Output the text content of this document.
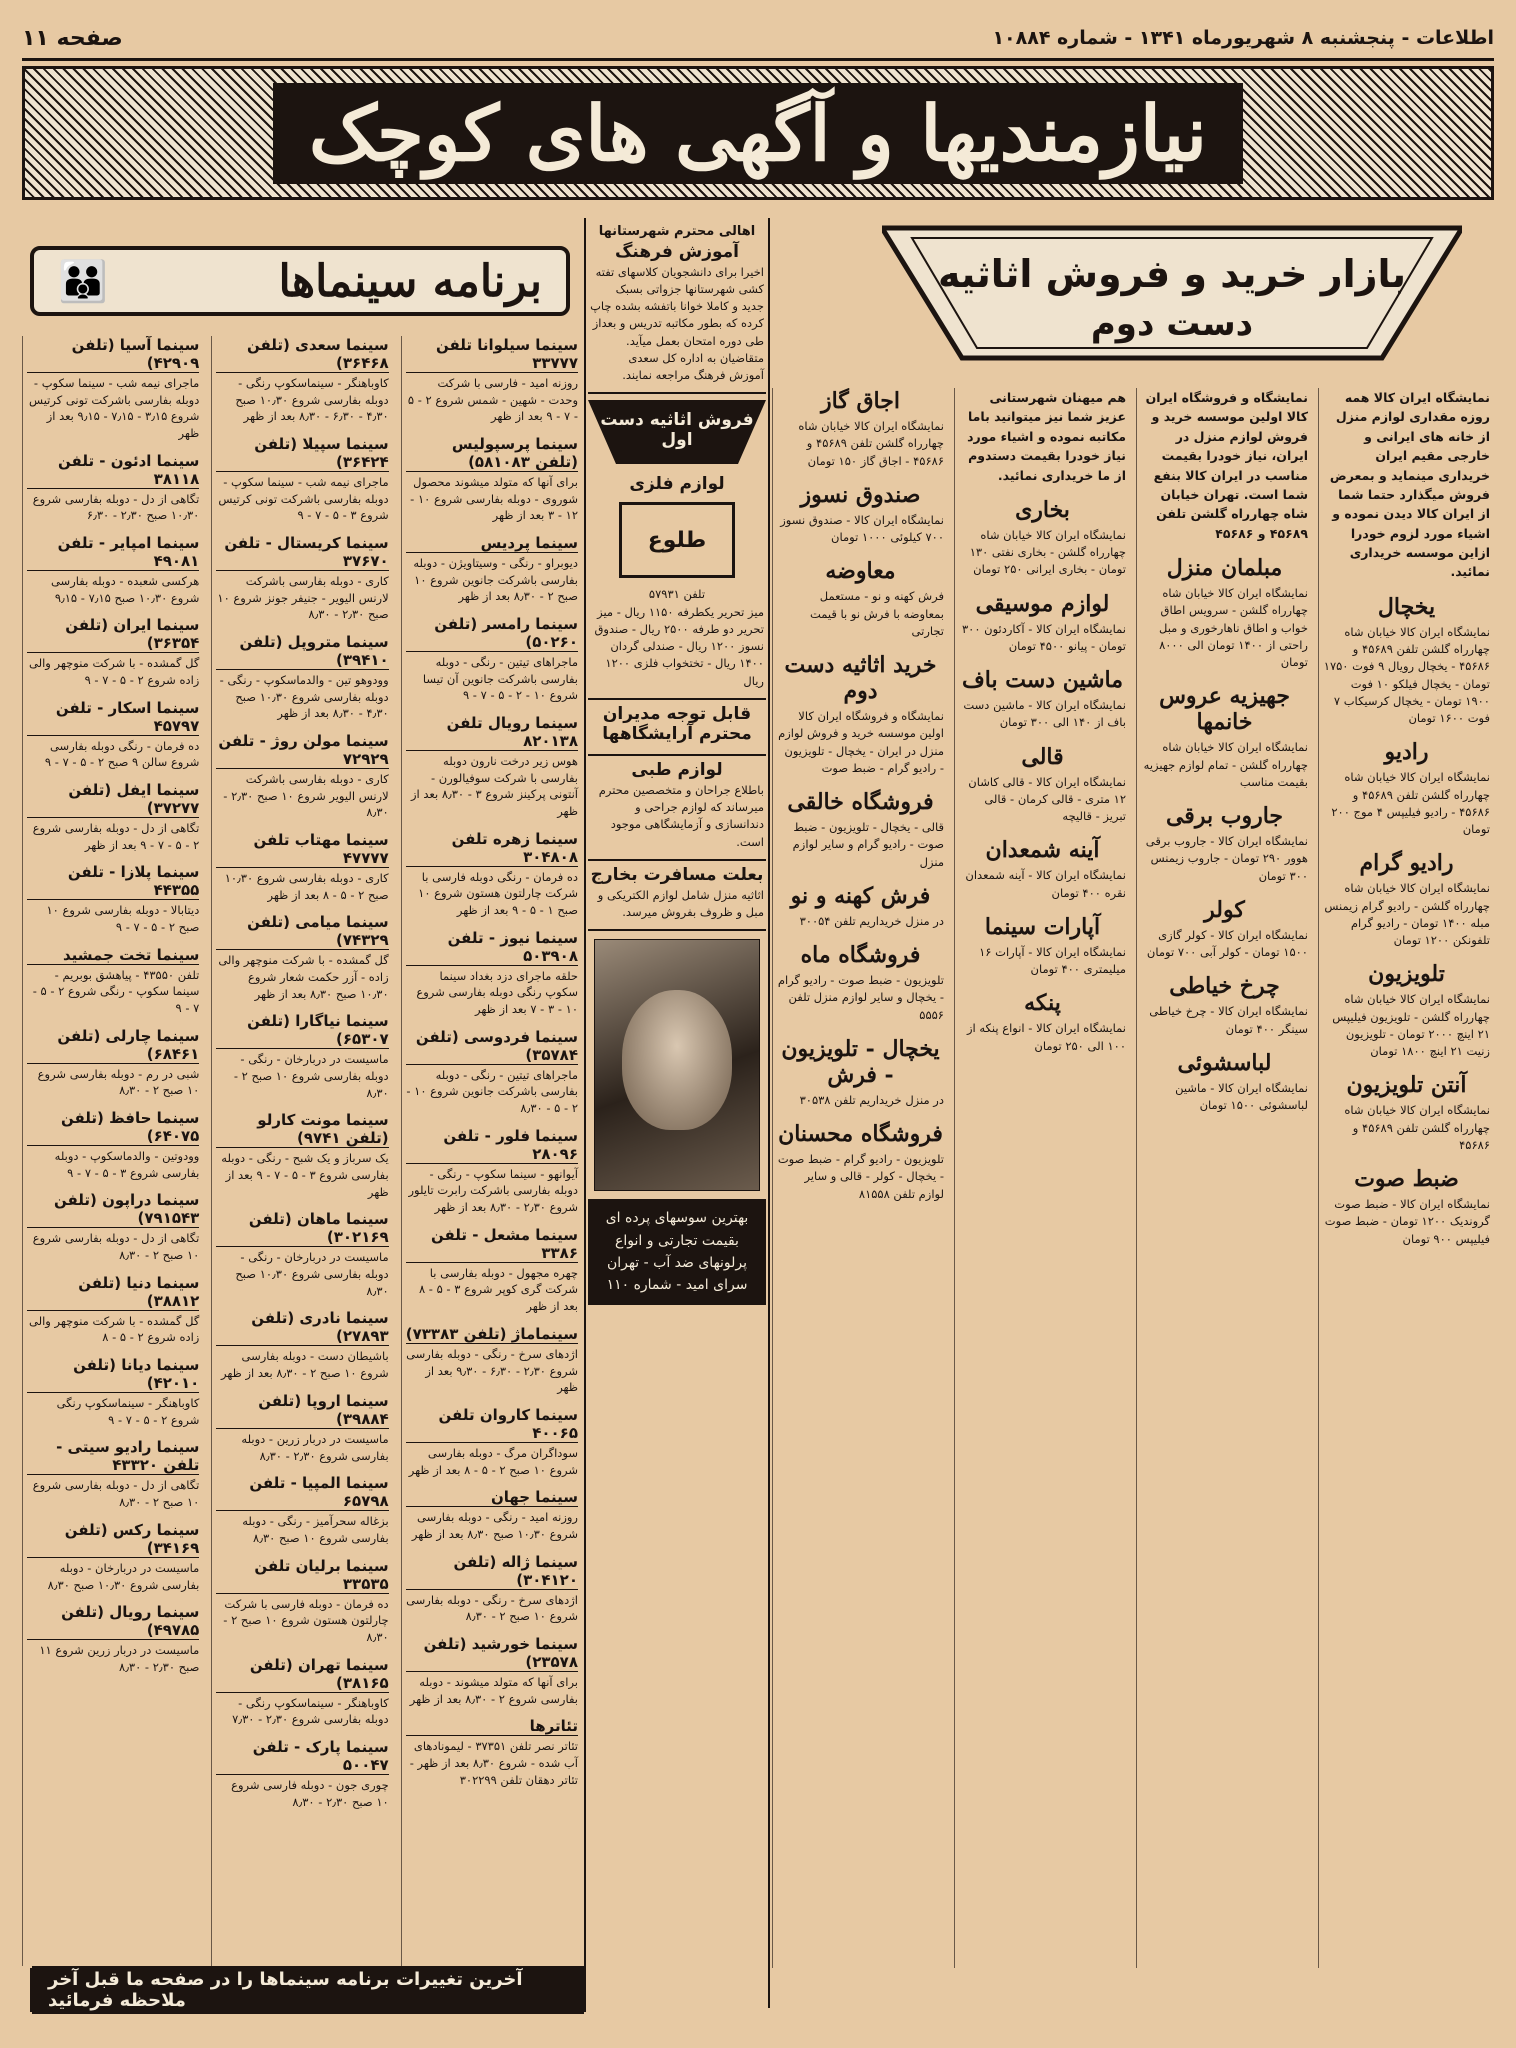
صفحه ۱۱	اطلاعات - پنجشنبه ۸ شهریورماه ۱۳۴۱ - شماره ۱۰۸۸۴
نیازمندیها و آگهی های کوچک
بازار خرید و فروش اثاثیه
دست دوم
👪	برنامه سینماها
سینما سیلوانا تلفن ۳۳۷۷۷

روزنه امید - فارسی با شرکت وحدت - شهین - شمس شروع ۲ - ۵ - ۷ - ۹ بعد از ظهر

سینما پرسپولیس (تلفن ۵۸۱۰۸۳)

برای آنها که متولد میشوند محصول شوروی - دوبله بفارسی شروع ۱۰ - ۱۲ - ۳ بعد از ظهر

سینما پردیس

دیوبراو - رنگی - وسیتاویژن - دوبله بفارسی باشرکت جانوین شروع ۱۰ صبح ۲ - ۸٫۳۰ بعد از ظهر

سینما رامسر (تلفن ۵۰۲۶۰)

ماجراهای تیتین - رنگی - دوبله بفارسی باشرکت جانوین آن تیسا شروع ۱۰ - ۲ - ۵ - ۷ - ۹

سینما رویال تلفن ۸۲۰۱۳۸

هوس زیر درخت نارون دوبله بفارسی با شرکت سوفیالورن - آنتونی پرکینز شروع ۳ - ۸٫۳۰ بعد از ظهر

سینما زهره تلفن ۳۰۴۸۰۸

ده فرمان - رنگی دوبله فارسی با شرکت چارلتون هستون شروع ۱۰ صبح ۱ - ۵ - ۹ بعد از ظهر

سینما نیوز - تلفن ۵۰۳۹۰۸

حلقه ماجرای دزد بغداد سینما سکوپ رنگی دوبله بفارسی شروع ۱۰ - ۳ - ۷ بعد از ظهر

سینما فردوسی (تلفن ۳۵۷۸۴)

ماجراهای تیتین - رنگی - دوبله بفارسی باشرکت جانوین شروع ۱۰ - ۲ - ۵ - ۸٫۳۰

سینما فلور - تلفن ۲۸۰۹۶

آیوانهو - سینما سکوپ - رنگی - دوبله بفارسی باشرکت رابرت تایلور شروع ۲٫۳۰ - ۸٫۳۰ بعد از ظهر

سینما مشعل - تلفن ۳۳۸۶

چهره مجهول - دوبله بفارسی با شرکت گری کوپر شروع ۳ - ۵ - ۸ بعد از ظهر

سینماماژ (تلفن ۷۳۳۸۳)

اژدهای سرخ - رنگی - دوبله بفارسی شروع ۲٫۳۰ - ۶٫۳۰ - ۹٫۳۰ بعد از ظهر

سینما کاروان تلفن ۴۰۰۶۵

سوداگران مرگ - دوبله بفارسی شروع ۱۰ صبح ۲ - ۵ - ۸ بعد از ظهر

سینما جهان

روزنه امید - رنگی - دوبله بفارسی شروع ۱۰٫۳۰ صبح ۸٫۳۰ بعد از ظهر

سینما ژاله (تلفن ۳۰۴۱۲۰)

اژدهای سرخ - رنگی - دوبله بفارسی شروع ۱۰ صبح ۲ - ۸٫۳۰

سینما خورشید (تلفن ۲۳۵۷۸)

برای آنها که متولد میشوند - دوبله بفارسی شروع ۲ - ۸٫۳۰ بعد از ظهر

تئاترها

تئاتر نصر تلفن ۳۷۳۵۱ - لیمونادهای آب شده - شروع ۸٫۳۰ بعد از ظهر - تئاتر دهقان تلفن ۳۰۲۲۹۹

سینما سعدی (تلفن ۳۶۴۶۸)

کاوباهنگر - سینماسکوپ رنگی - دوبله بفارسی شروع ۱۰٫۳۰ صبح ۴٫۳۰ - ۶٫۳۰ - ۸٫۳۰ بعد از ظهر

سینما سپیلا (تلفن ۳۶۴۲۴)

ماجرای نیمه شب - سینما سکوپ - دوبله بفارسی باشرکت تونی کرتیس شروع ۳ - ۵ - ۷ - ۹

سینما کریستال - تلفن ۳۷۶۷۰

کاری - دوبله بفارسی باشرکت لارنس الیویر - جنیفر جونز شروع ۱۰ صبح ۲٫۳۰ - ۸٫۳۰

سینما متروپل (تلفن ۳۹۴۱۰)

وودوهو تین - والدماسکوپ - رنگی - دوبله بفارسی شروع ۱۰٫۳۰ صبح ۴٫۳۰ - ۸٫۳۰ بعد از ظهر

سینما مولن روژ - تلفن ۷۲۹۲۹

کاری - دوبله بفارسی باشرکت لارنس الیویر شروع ۱۰ صبح ۲٫۳۰ - ۸٫۳۰

سینما مهتاب تلفن ۴۷۷۷۷

کاری - دوبله بفارسی شروع ۱۰٫۳۰ صبح ۲ - ۵ - ۸ بعد از ظهر

سینما میامی (تلفن ۷۴۳۲۹)

گل گمشده - با شرکت منوچهر والی زاده - آزر حکمت شعار شروع ۱۰٫۳۰ صبح ۸٫۳۰ بعد از ظهر

سینما نیاگارا (تلفن ۶۵۳۰۷)

ماسیست در دربارخان - رنگی - دوبله بفارسی شروع ۱۰ صبح ۲ - ۸٫۳۰

سینما مونت کارلو (تلفن ۹۷۴۱)

یک سرباز و یک شبح - رنگی - دوبله بفارسی شروع ۳ - ۵ - ۷ - ۹ بعد از ظهر

سینما ماهان (تلفن ۳۰۲۱۶۹)

ماسیست در دربارخان - رنگی - دوبله بفارسی شروع ۱۰٫۳۰ صبح ۸٫۳۰

سینما نادری (تلفن ۲۷۸۹۳)

باشیطان دست - دوبله بفارسی شروع ۱۰ صبح ۲ - ۸٫۳۰ بعد از ظهر

سینما اروپا (تلفن ۳۹۸۸۴)

ماسیست در دربار زرین - دوبله بفارسی شروع ۲٫۳۰ - ۸٫۳۰

سینما المپیا - تلفن ۶۵۷۹۸

بزغاله سحرآمیز - رنگی - دوبله بفارسی شروع ۱۰ صبح ۸٫۳۰

سینما برلیان تلفن ۳۳۵۳۵

ده فرمان - دوبله فارسی با شرکت چارلتون هستون شروع ۱۰ صبح ۲ - ۸٫۳۰

سینما تهران (تلفن ۳۸۱۶۵)

کاوباهنگر - سینماسکوپ رنگی - دوبله بفارسی شروع ۲٫۳۰ - ۷٫۳۰

سینما پارک - تلفن ۵۰۰۴۷

چوری جون - دوبله فارسی شروع ۱۰ صبح ۲٫۳۰ - ۸٫۳۰

سینما آسیا (تلفن ۴۲۹۰۹)

ماجرای نیمه شب - سینما سکوپ - دوبله بفارسی باشرکت تونی کرتیس شروع ۳٫۱۵ - ۷٫۱۵ - ۹٫۱۵ بعد از ظهر

سینما ادئون - تلفن ۳۸۱۱۸

تگاهی از دل - دوبله بفارسی شروع ۱۰٫۳۰ صبح ۲٫۳۰ - ۶٫۳۰

سینما امپایر - تلفن ۴۹۰۸۱

هرکسی شعبده - دوبله بفارسی شروع ۱۰٫۳۰ صبح ۷٫۱۵ - ۹٫۱۵

سینما ایران (تلفن ۳۶۳۵۴)

گل گمشده - با شرکت منوچهر والی زاده شروع ۲ - ۵ - ۷ - ۹

سینما اسکار - تلفن ۴۵۷۹۷

ده فرمان - رنگی دوبله بفارسی شروع سالن ۹ صبح ۲ - ۵ - ۷ - ۹

سینما ایفل (تلفن ۳۷۲۷۷)

تگاهی از دل - دوبله بفارسی شروع ۲ - ۵ - ۷ - ۹ بعد از ظهر

سینما پلازا - تلفن ۴۴۳۵۵

دیتابالا - دوبله بفارسی شروع ۱۰ صبح ۲ - ۵ - ۷ - ۹

سینما تخت جمشید

تلفن ۴۳۵۵۰ - پیاهشق بوبریم - سینما سکوپ - رنگی شروع ۲ - ۵ - ۷ - ۹

سینما چارلی (تلفن ۶۸۴۶۱)

شبی در رم - دوبله بفارسی شروع ۱۰ صبح ۲ - ۸٫۳۰

سینما حافظ (تلفن ۶۴۰۷۵)

وودوتین - والدماسکوپ - دوبله بفارسی شروع ۳ - ۵ - ۷ - ۹

سینما دراپون (تلفن ۷۹۱۵۴۳)

تگاهی از دل - دوبله بفارسی شروع ۱۰ صبح ۲ - ۸٫۳۰

سینما دنیا (تلفن ۳۸۸۱۲)

گل گمشده - با شرکت منوچهر والی زاده شروع ۲ - ۵ - ۸

سینما دیانا (تلفن ۴۲۰۱۰)

کاوباهنگر - سینماسکوپ رنگی شروع ۲ - ۵ - ۷ - ۹

سینما رادیو سیتی - تلفن ۴۳۳۲۰

تگاهی از دل - دوبله بفارسی شروع ۱۰ صبح ۲ - ۸٫۳۰

سینما رکس (تلفن ۳۴۱۶۹)

ماسیست در دربارخان - دوبله بفارسی شروع ۱۰٫۳۰ صبح ۸٫۳۰

سینما رویال (تلفن ۴۹۷۸۵)

ماسیست در دربار زرین شروع ۱۱ صبح ۲٫۳۰ - ۸٫۳۰

اهالی محترم شهرستانها

آموزش فرهنگ

اخیرا برای دانشجویان کلاسهای تفته کشی شهرستانها جزواتی بسبک جدید و کاملا خوانا باتفشه بشده چاپ کرده که بطور مکاتبه تدریس و بعداز طی دوره امتحان بعمل میآید. متقاضیان به اداره کل سعدی آموزش فرهنگ مراجعه نمایند.

فروش اثاثیه دست اول
لوازم فلزی
طلوع

تلفن ۵۷۹۳۱

میز تحریر یکطرفه ۱۱۵۰ ریال - میز تحریر دو طرفه ۲۵۰۰ ریال - صندوق نسوز ۱۲۰۰ ریال - صندلی گردان ۱۴۰۰ ریال - تختخواب فلزی ۱۲۰۰ ریال

قابل توجه مدیران محترم آرایشگاهها
لوازم طبی

باطلاع جراحان و متخصصین محترم میرساند که لوازم جراحی و دندانسازی و آزمایشگاهی موجود است.

بعلت مسافرت بخارج

اثاثیه منزل شامل لوازم الکتریکی و مبل و ظروف بفروش میرسد.

بهترین سوسهای پرده ای بقیمت تجارتی و انواع پرلونهای ضد آب - تهران سرای امید - شماره ۱۱۰
نمایشگاه ایران کالا همه روزه مقداری لوازم منزل از خانه های ایرانی و خارجی مقیم ایران خریداری مینماید و بمعرض فروش میگذارد حتما شما از ایران کالا دیدن نموده و اشیاء مورد لزوم خودرا ازاین موسسه خریداری نمائید.
یخچال

نمایشگاه ایران کالا خیابان شاه چهارراه گلشن تلفن ۴۵۶۸۹ و ۴۵۶۸۶ - یخچال رویال ۹ فوت ۱۷۵۰ تومان - یخچال فیلکو ۱۰ فوت ۱۹۰۰ تومان - یخچال کرسیکاب ۷ فوت ۱۶۰۰ تومان

رادیو

نمایشگاه ایران کالا خیابان شاه چهارراه گلشن تلفن ۴۵۶۸۹ و ۴۵۶۸۶ - رادیو فیلیپس ۴ موج ۲۰۰ تومان

رادیو گرام

نمایشگاه ایران کالا خیابان شاه چهارراه گلشن - رادیو گرام زیمنس مبله ۱۴۰۰ تومان - رادیو گرام تلفونکن ۱۲۰۰ تومان

تلویزیون

نمایشگاه ایران کالا خیابان شاه چهارراه گلشن - تلویزیون فیلیپس ۲۱ اینچ ۲۰۰۰ تومان - تلویزیون زنیت ۲۱ اینچ ۱۸۰۰ تومان

آنتن تلویزیون

نمایشگاه ایران کالا خیابان شاه چهارراه گلشن تلفن ۴۵۶۸۹ و ۴۵۶۸۶

ضبط صوت

نمایشگاه ایران کالا - ضبط صوت گروندیک ۱۲۰۰ تومان - ضبط صوت فیلیپس ۹۰۰ تومان

نمایشگاه و فروشگاه ایران کالا اولین موسسه خرید و فروش لوازم منزل در ایران، نیاز خودرا بقیمت مناسب در ایران کالا بنفع شما است. تهران خیابان شاه چهارراه گلشن تلفن ۴۵۶۸۹ و ۴۵۶۸۶
مبلمان منزل

نمایشگاه ایران کالا خیابان شاه چهارراه گلشن - سرویس اطاق خواب و اطاق ناهارخوری و مبل راحتی از ۱۴۰۰ تومان الی ۸۰۰۰ تومان

جهیزیه عروس خانمها

نمایشگاه ایران کالا خیابان شاه چهارراه گلشن - تمام لوازم جهیزیه بقیمت مناسب

جاروب برقی

نمایشگاه ایران کالا - جاروب برقی هوور ۲۹۰ تومان - جاروب زیمنس ۳۰۰ تومان

کولر

نمایشگاه ایران کالا - کولر گازی ۱۵۰۰ تومان - کولر آبی ۷۰۰ تومان

چرخ خیاطی

نمایشگاه ایران کالا - چرخ خیاطی سینگر ۴۰۰ تومان

لباسشوئی

نمایشگاه ایران کالا - ماشین لباسشوئی ۱۵۰۰ تومان

هم میهنان شهرستانی عزیز شما نیز میتوانید باما مکاتبه نموده و اشیاء مورد نیاز خودرا بقیمت دستدوم از ما خریداری نمائید.
بخاری

نمایشگاه ایران کالا خیابان شاه چهارراه گلشن - بخاری نفتی ۱۳۰ تومان - بخاری ایرانی ۲۵۰ تومان

لوازم موسیقی

نمایشگاه ایران کالا - آکاردئون ۳۰۰ تومان - پیانو ۴۵۰۰ تومان

ماشین دست باف

نمایشگاه ایران کالا - ماشین دست باف از ۱۴۰ الی ۳۰۰ تومان

قالی

نمایشگاه ایران کالا - قالی کاشان ۱۲ متری - قالی کرمان - قالی تبریز - قالیچه

آینه شمعدان

نمایشگاه ایران کالا - آینه شمعدان نقره ۴۰۰ تومان

آپارات سینما

نمایشگاه ایران کالا - آپارات ۱۶ میلیمتری ۴۰۰ تومان

پنکه

نمایشگاه ایران کالا - انواع پنکه از ۱۰۰ الی ۲۵۰ تومان

اجاق گاز

نمایشگاه ایران کالا خیابان شاه چهارراه گلشن تلفن ۴۵۶۸۹ و ۴۵۶۸۶ - اجاق گاز ۱۵۰ تومان

صندوق نسوز

نمایشگاه ایران کالا - صندوق نسوز ۷۰۰ کیلوئی ۱۰۰۰ تومان

معاوضه

فرش کهنه و نو - مستعمل بمعاوضه با فرش نو با قیمت تجارتی

خرید اثاثیه دست دوم

نمایشگاه و فروشگاه ایران کالا اولین موسسه خرید و فروش لوازم منزل در ایران - یخچال - تلویزیون - رادیو گرام - ضبط صوت

فروشگاه خالقی

قالی - یخچال - تلویزیون - ضبط صوت - رادیو گرام و سایر لوازم منزل

فرش کهنه و نو

در منزل خریداریم تلفن ۳۰۰۵۴

فروشگاه ماه

تلویزیون - ضبط صوت - رادیو گرام - یخچال و سایر لوازم منزل تلفن ۵۵۵۶

یخچال - تلویزیون - فرش

در منزل خریداریم تلفن ۳۰۵۳۸

فروشگاه محسنان

تلویزیون - رادیو گرام - ضبط صوت - یخچال - کولر - قالی و سایر لوازم تلفن ۸۱۵۵۸

آخرین تغییرات برنامه سینماها را در صفحه ما قبل آخر ملاحظه فرمائید
